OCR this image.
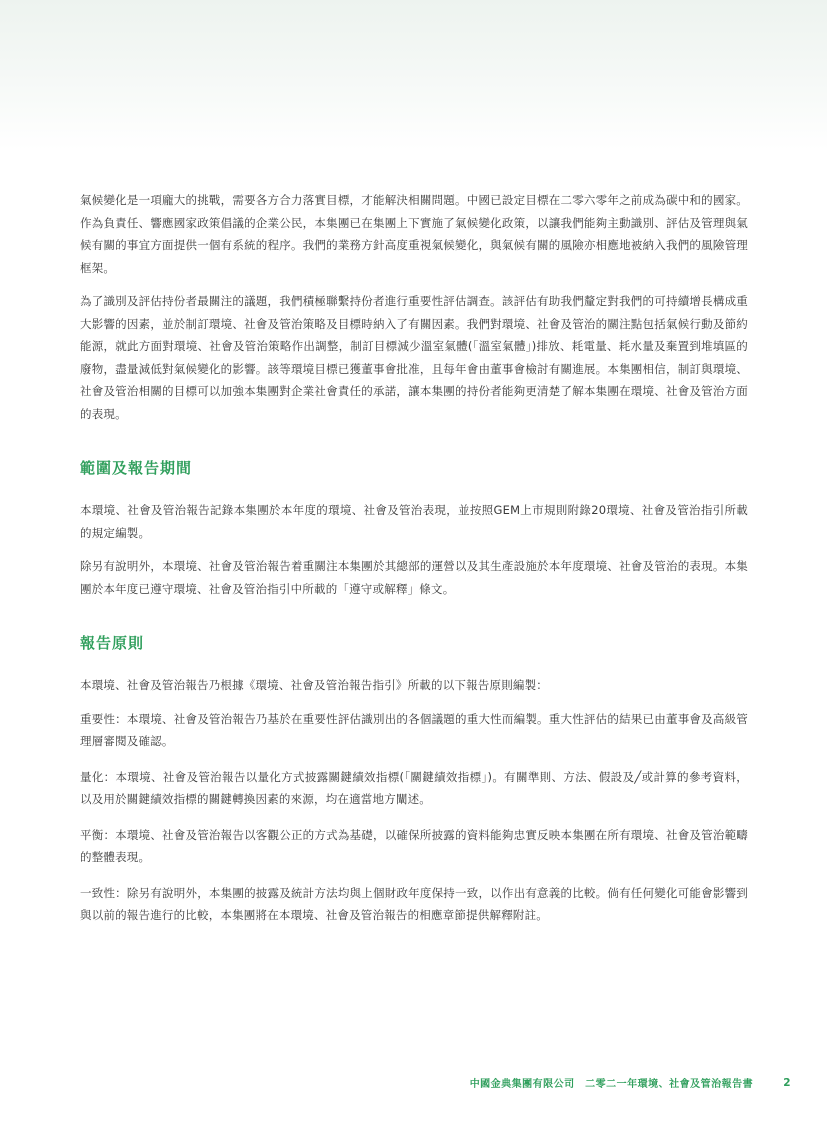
氣候變化是一項龐大的挑戰，需要各方合力落實目標，才能解決相關問題。中國已設定目標在二零六零年之前成為碳中和的國家。作為負責任、響應國家政策倡議的企業公民，本集團已在集團上下實施了氣候變化政策，以讓我們能夠主動識別、評估及管理與氣候有關的事宜方面提供一個有系統的程序。我們的業務方針高度重視氣候變化，與氣候有關的風險亦相應地被納入我們的風險管理框架。

為了識別及評估持份者最關注的議題，我們積極聯繫持份者進行重要性評估調查。該評估有助我們釐定對我們的可持續增長構成重大影響的因素，並於制訂環境、社會及管治策略及目標時納入了有關因素。我們對環境、社會及管治的關注點包括氣候行動及節約能源，就此方面對環境、社會及管治策略作出調整，制訂目標減少溫室氣體(「溫室氣體」)排放、耗電量、耗水量及棄置到堆填區的廢物，盡量減低對氣候變化的影響。該等環境目標已獲董事會批准，且每年會由董事會檢討有關進展。本集團相信，制訂與環境、社會及管治相關的目標可以加強本集團對企業社會責任的承諾，讓本集團的持份者能夠更清楚了解本集團在環境、社會及管治方面的表現。

範圍及報告期間

本環境、社會及管治報告記錄本集團於本年度的環境、社會及管治表現，並按照GEM上市規則附錄20環境、社會及管治指引所載的規定編製。

除另有說明外，本環境、社會及管治報告着重關注本集團於其總部的運營以及其生產設施於本年度環境、社會及管治的表現。本集團於本年度已遵守環境、社會及管治指引中所載的「遵守或解釋」條文。

報告原則

本環境、社會及管治報告乃根據《環境、社會及管治報告指引》所載的以下報告原則編製：

重要性：本環境、社會及管治報告乃基於在重要性評估識別出的各個議題的重大性而編製。重大性評估的結果已由董事會及高級管理層審閱及確認。

量化：本環境、社會及管治報告以量化方式披露關鍵績效指標(「關鍵績效指標」)。有關準則、方法、假設及╱或計算的參考資料，以及用於關鍵績效指標的關鍵轉換因素的來源，均在適當地方闡述。

平衡：本環境、社會及管治報告以客觀公正的方式為基礎，以確保所披露的資料能夠忠實反映本集團在所有環境、社會及管治範疇的整體表現。

一致性：除另有說明外，本集團的披露及統計方法均與上個財政年度保持一致，以作出有意義的比較。倘有任何變化可能會影響到與以前的報告進行的比較，本集團將在本環境、社會及管治報告的相應章節提供解釋附註。

中國金典集團有限公司　二零二一年環境、社會及管治報告書	2
